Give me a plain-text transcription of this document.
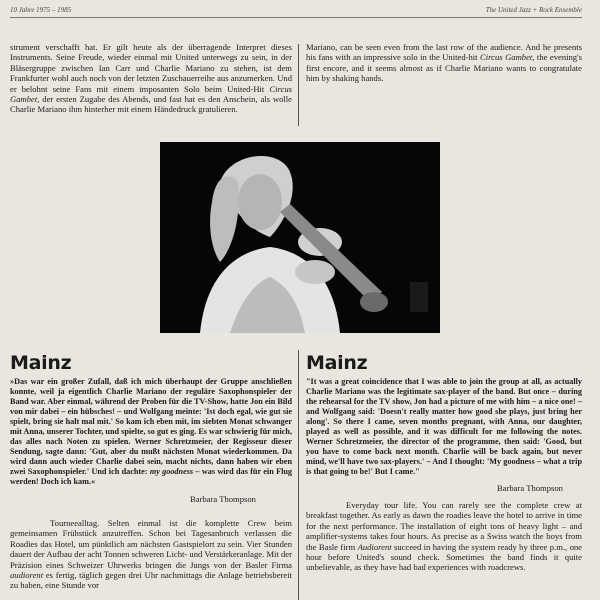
10 Jahre 1975 – 1985	The United Jazz + Rock Ensemble
strument verschafft hat. Er gilt heute als der überragende Interpret dieses Instruments. Seine Freude, wieder einmal mit United unterwegs zu sein, in der Bläsergruppe zwischen Ian Carr und Charlie Mariano zu stehen, ist dem Frankfurter wohl auch noch von der letzten Zuschauerreihe aus anzumerken. Und er belohnt seine Fans mit einem imposanten Solo beim United-Hit Circus Gambet, der ersten Zugabe des Abends, und fast hat es den Anschein, als wolle Charlie Mariano ihm hinterher mit einem Händedruck gratulieren.
Mariano, can be seen even from the last row of the audience. And he presents his fans with an impressive solo in the United-hit Circus Gambet, the evening's first encore, and it seems almost as if Charlie Mariano wants to congratulate him by shaking hands.
Mainz	Mainz
»Das war ein großer Zufall, daß ich mich überhaupt der Gruppe anschließen konnte, weil ja eigentlich Charlie Mariano der reguläre Saxophonspieler der Band war. Aber einmal, während der Proben für die TV-Show, hatte Jon ein Bild von mir dabei – ein hübsches! – und Wolfgang meinte: 'Ist doch egal, wie gut sie spielt, bring sie halt mal mit.' So kam ich eben mit, im siebten Monat schwanger mit Anna, unserer Tochter, und spielte, so gut es ging. Es war schwierig für mich, das alles nach Noten zu spielen. Werner Schretzmeier, der Regisseur dieser Sendung, sagte dann: 'Gut, aber du mußt nächsten Monat wiederkommen. Da wird dann auch wieder Charlie dabei sein, macht nichts, dann haben wir eben zwei Saxophonspieler.' Und ich dachte: my goodness – was wird das für ein Flug werden! Doch ich kam.«
Barbara Thompson
"It was a great coincidence that I was able to join the group at all, as actually Charlie Mariano was the legitimate sax-player of the band. But once – during the rehearsal for the TV show, Jon had a picture of me with him – a nice one! – and Wolfgang said: 'Doesn't really matter how good she plays, just bring her along'. So there I came, seven months pregnant, with Anna, our daughter, played as well as possible, and it was difficult for me following the notes. Werner Schretzmeier, the director of the programme, then said: 'Good, but you have to come back next month. Charlie will be back again, but never mind, we'll have two sax-players.' – And I thought: 'My goodness – what a trip is that going to be!' But I came."
Barbara Thompson
Tourneealltag. Selten einmal ist die komplette Crew beim gemeinsamen Frühstück anzutreffen. Schon bei Tagesanbruch verlassen die Roadies das Hotel, um pünktlich am nächsten Gastspielort zu sein. Vier Stunden dauert der Aufbau der acht Tonnen schweren Licht- und Verstärkeranlage. Mit der Präzision eines Schweizer Uhrwerks bringen die Jungs von der Basler Firma audiorent es fertig, täglich gegen drei Uhr nachmittags die Anlage betriebsbereit zu haben, eine Stunde vor
Everyday tour life. You can rarely see the complete crew at breakfast together. As early as dawn the roadies leave the hotel to arrive in time for the next performance. The installation of eight tons of heavy light – and amplifier-systems takes four hours. As precise as a Swiss watch the boys from the Basle firm Audiorent succeed in having the system ready by three p.m., one hour before United's sound check. Sometimes the band finds it quite unbelievable, as they have had bad experiences with roadcrews.
